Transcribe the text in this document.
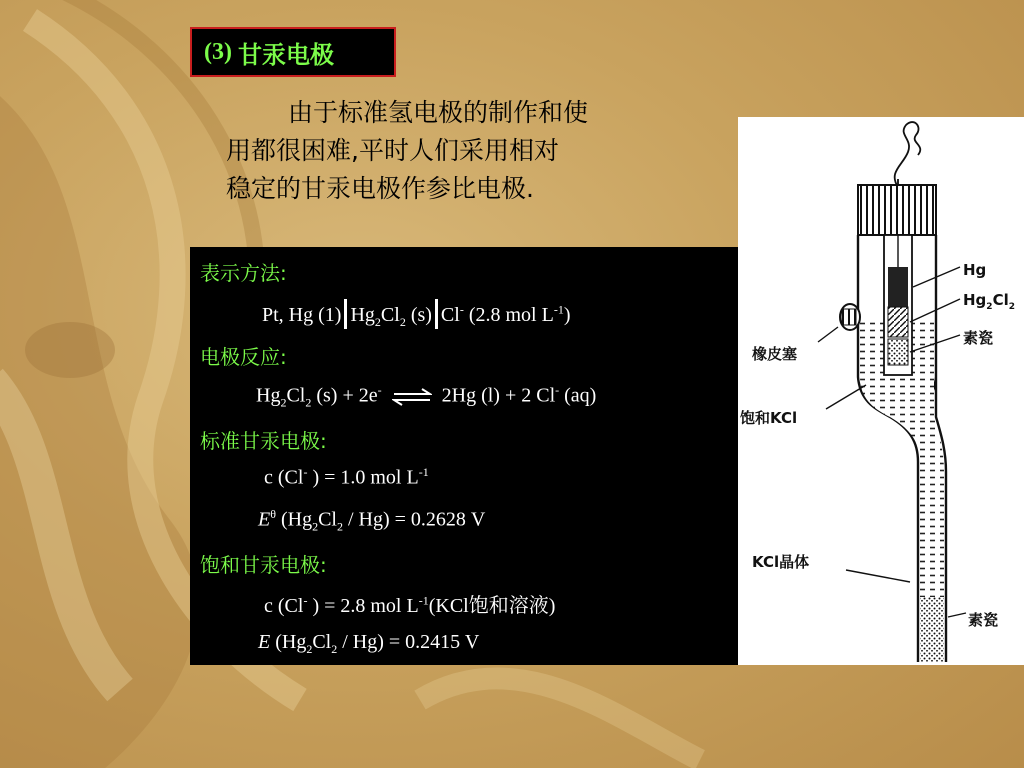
(3) 甘汞电极
由于标准氢电极的制作和使
用都很困难,平时人们采用相对
稳定的甘汞电极作参比电极.
表示方法:
Pt, Hg (1) $Hg_2Cl_2$ (s) Cl- (2.8 mol $L^{-1}$)
电极反应:
$Hg_2Cl_2$ (s) + 2e- ⇌ 2Hg (l) + 2 Cl- (aq)
标准甘汞电极:
c (Cl- ) = 1.0 mol $L^{-1}$
$E^\theta$ $(Hg_2Cl_2 / Hg) = 0.2628$ V
饱和甘汞电极:
c (Cl- ) = 2.8 mol $L^{-1}(KCl$饱和溶液)
E $(Hg_2Cl_2 / Hg) = 0.2415$ V
Hg
$Hg_2Cl_2$
素瓷
橡皮塞
饱和KCl
KCl晶体
素瓷
